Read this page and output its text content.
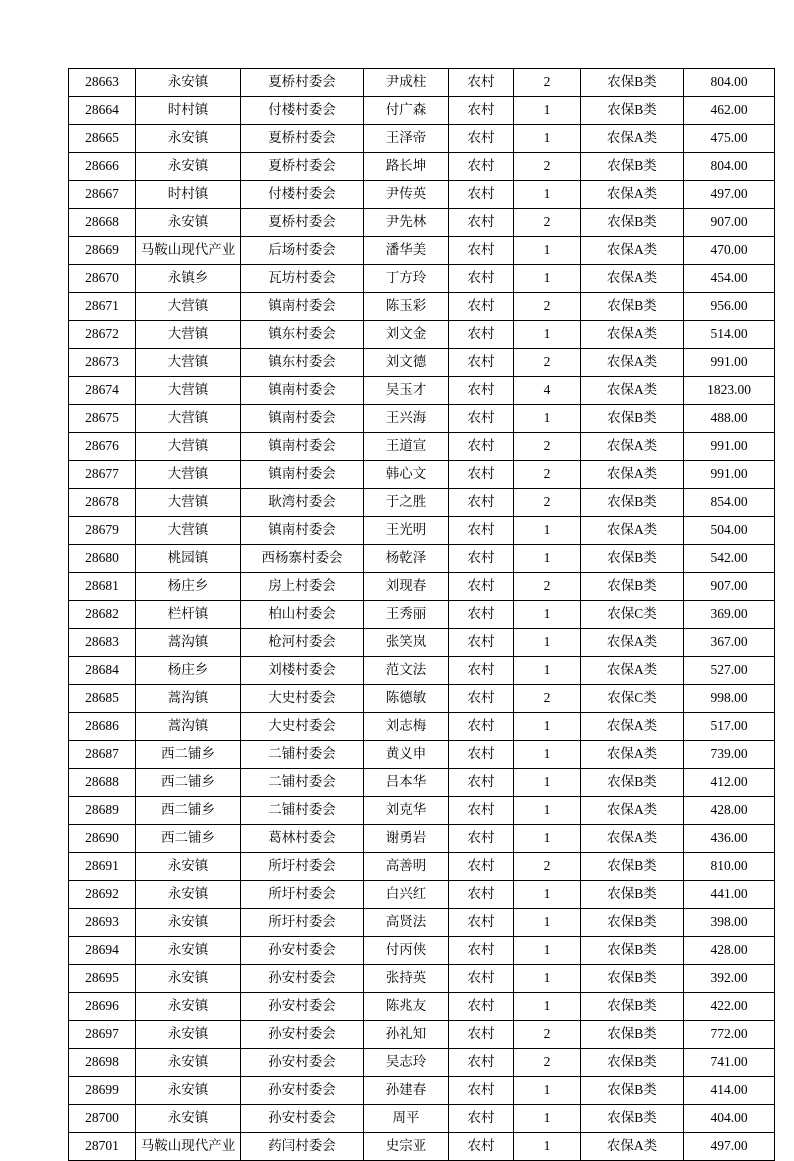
28663	永安镇	夏桥村委会	尹成柱	农村	2	农保B类	804.00
28664	时村镇	付楼村委会	付广森	农村	1	农保B类	462.00
28665	永安镇	夏桥村委会	王泽帝	农村	1	农保A类	475.00
28666	永安镇	夏桥村委会	路长坤	农村	2	农保B类	804.00
28667	时村镇	付楼村委会	尹传英	农村	1	农保A类	497.00
28668	永安镇	夏桥村委会	尹先林	农村	2	农保B类	907.00
28669	马鞍山现代产业	后场村委会	潘华美	农村	1	农保A类	470.00
28670	永镇乡	瓦坊村委会	丁方玲	农村	1	农保A类	454.00
28671	大营镇	镇南村委会	陈玉彩	农村	2	农保B类	956.00
28672	大营镇	镇东村委会	刘文金	农村	1	农保A类	514.00
28673	大营镇	镇东村委会	刘文德	农村	2	农保A类	991.00
28674	大营镇	镇南村委会	吴玉才	农村	4	农保A类	1823.00
28675	大营镇	镇南村委会	王兴海	农村	1	农保B类	488.00
28676	大营镇	镇南村委会	王道宣	农村	2	农保A类	991.00
28677	大营镇	镇南村委会	韩心文	农村	2	农保A类	991.00
28678	大营镇	耿湾村委会	于之胜	农村	2	农保B类	854.00
28679	大营镇	镇南村委会	王光明	农村	1	农保A类	504.00
28680	桃园镇	西杨寨村委会	杨乾泽	农村	1	农保B类	542.00
28681	杨庄乡	房上村委会	刘现春	农村	2	农保B类	907.00
28682	栏杆镇	柏山村委会	王秀丽	农村	1	农保C类	369.00
28683	蒿沟镇	枪河村委会	张笑岚	农村	1	农保A类	367.00
28684	杨庄乡	刘楼村委会	范文法	农村	1	农保A类	527.00
28685	蒿沟镇	大史村委会	陈德敏	农村	2	农保C类	998.00
28686	蒿沟镇	大史村委会	刘志梅	农村	1	农保A类	517.00
28687	西二铺乡	二铺村委会	黄义申	农村	1	农保A类	739.00
28688	西二铺乡	二铺村委会	吕本华	农村	1	农保B类	412.00
28689	西二铺乡	二铺村委会	刘克华	农村	1	农保A类	428.00
28690	西二铺乡	葛林村委会	谢勇岩	农村	1	农保A类	436.00
28691	永安镇	所圩村委会	高善明	农村	2	农保B类	810.00
28692	永安镇	所圩村委会	白兴红	农村	1	农保B类	441.00
28693	永安镇	所圩村委会	高贤法	农村	1	农保B类	398.00
28694	永安镇	孙安村委会	付丙侠	农村	1	农保B类	428.00
28695	永安镇	孙安村委会	张持英	农村	1	农保B类	392.00
28696	永安镇	孙安村委会	陈兆友	农村	1	农保B类	422.00
28697	永安镇	孙安村委会	孙礼知	农村	2	农保B类	772.00
28698	永安镇	孙安村委会	吴志玲	农村	2	农保B类	741.00
28699	永安镇	孙安村委会	孙建春	农村	1	农保B类	414.00
28700	永安镇	孙安村委会	周平	农村	1	农保B类	404.00
28701	马鞍山现代产业	药闫村委会	史宗亚	农村	1	农保A类	497.00
